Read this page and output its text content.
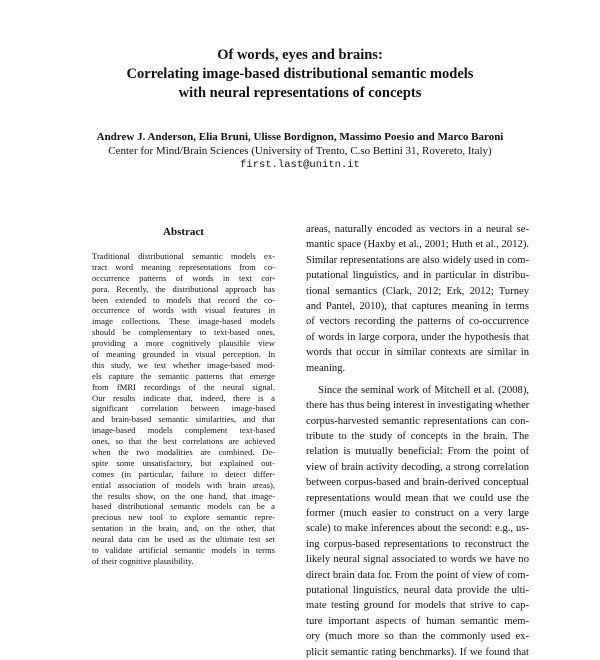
Of words, eyes and brains:
Correlating image-based distributional semantic models
with neural representations of concepts
Andrew J. Anderson, Elia Bruni, Ulisse Bordignon, Massimo Poesio and Marco Baroni
Center for Mind/Brain Sciences (University of Trento, C.so Bettini 31, Rovereto, Italy)
first.last@unitn.it
Abstract
Traditional distributional semantic models ex-
tract word meaning representations from co-
occurrence patterns of words in text cor-
pora. Recently, the distributional approach has
been extended to models that record the co-
occurrence of words with visual features in
image collections. These image-based models
should be complementary to text-based ones,
providing a more cognitively plausible view
of meaning grounded in visual perception. In
this study, we test whether image-based mod-
els capture the semantic patterns that emerge
from fMRI recordings of the neural signal.
Our results indicate that, indeed, there is a
significant correlation between image-based
and brain-based semantic similarities, and that
image-based models complement text-based
ones, so that the best correlations are achieved
when the two modalities are combined. De-
spite some unsatisfactory, but explained out-
comes (in particular, failure to detect differ-
ential association of models with brain areas),
the results show, on the one hand, that image-
based distributional semantic models can be a
precious new tool to explore semantic repre-
sentation in the brain, and, on the other, that
neural data can be used as the ultimate test set
to validate artificial semantic models in terms
of their cognitive plausibility.
areas, naturally encoded as vectors in a neural se-
mantic space (Haxby et al., 2001; Huth et al., 2012).
Similar representations are also widely used in com-
putational linguistics, and in particular in distribu-
tional semantics (Clark, 2012; Erk, 2012; Turney
and Pantel, 2010), that captures meaning in terms
of vectors recording the patterns of co-occurrence
of words in large corpora, under the hypothesis that
words that occur in similar contexts are similar in
meaning.
Since the seminal work of Mitchell et al. (2008),
there has thus being interest in investigating whether
corpus-harvested semantic representations can con-
tribute to the study of concepts in the brain. The
relation is mutually beneficial: From the point of
view of brain activity decoding, a strong correlation
between corpus-based and brain-derived conceptual
representations would mean that we could use the
former (much easier to construct on a very large
scale) to make inferences about the second: e.g., us-
ing corpus-based representations to reconstruct the
likely neural signal associated to words we have no
direct brain data for. From the point of view of com-
putational linguistics, neural data provide the ulti-
mate testing ground for models that strive to cap-
ture important aspects of human semantic mem-
ory (much more so than the commonly used ex-
plicit semantic rating benchmarks). If we found that
